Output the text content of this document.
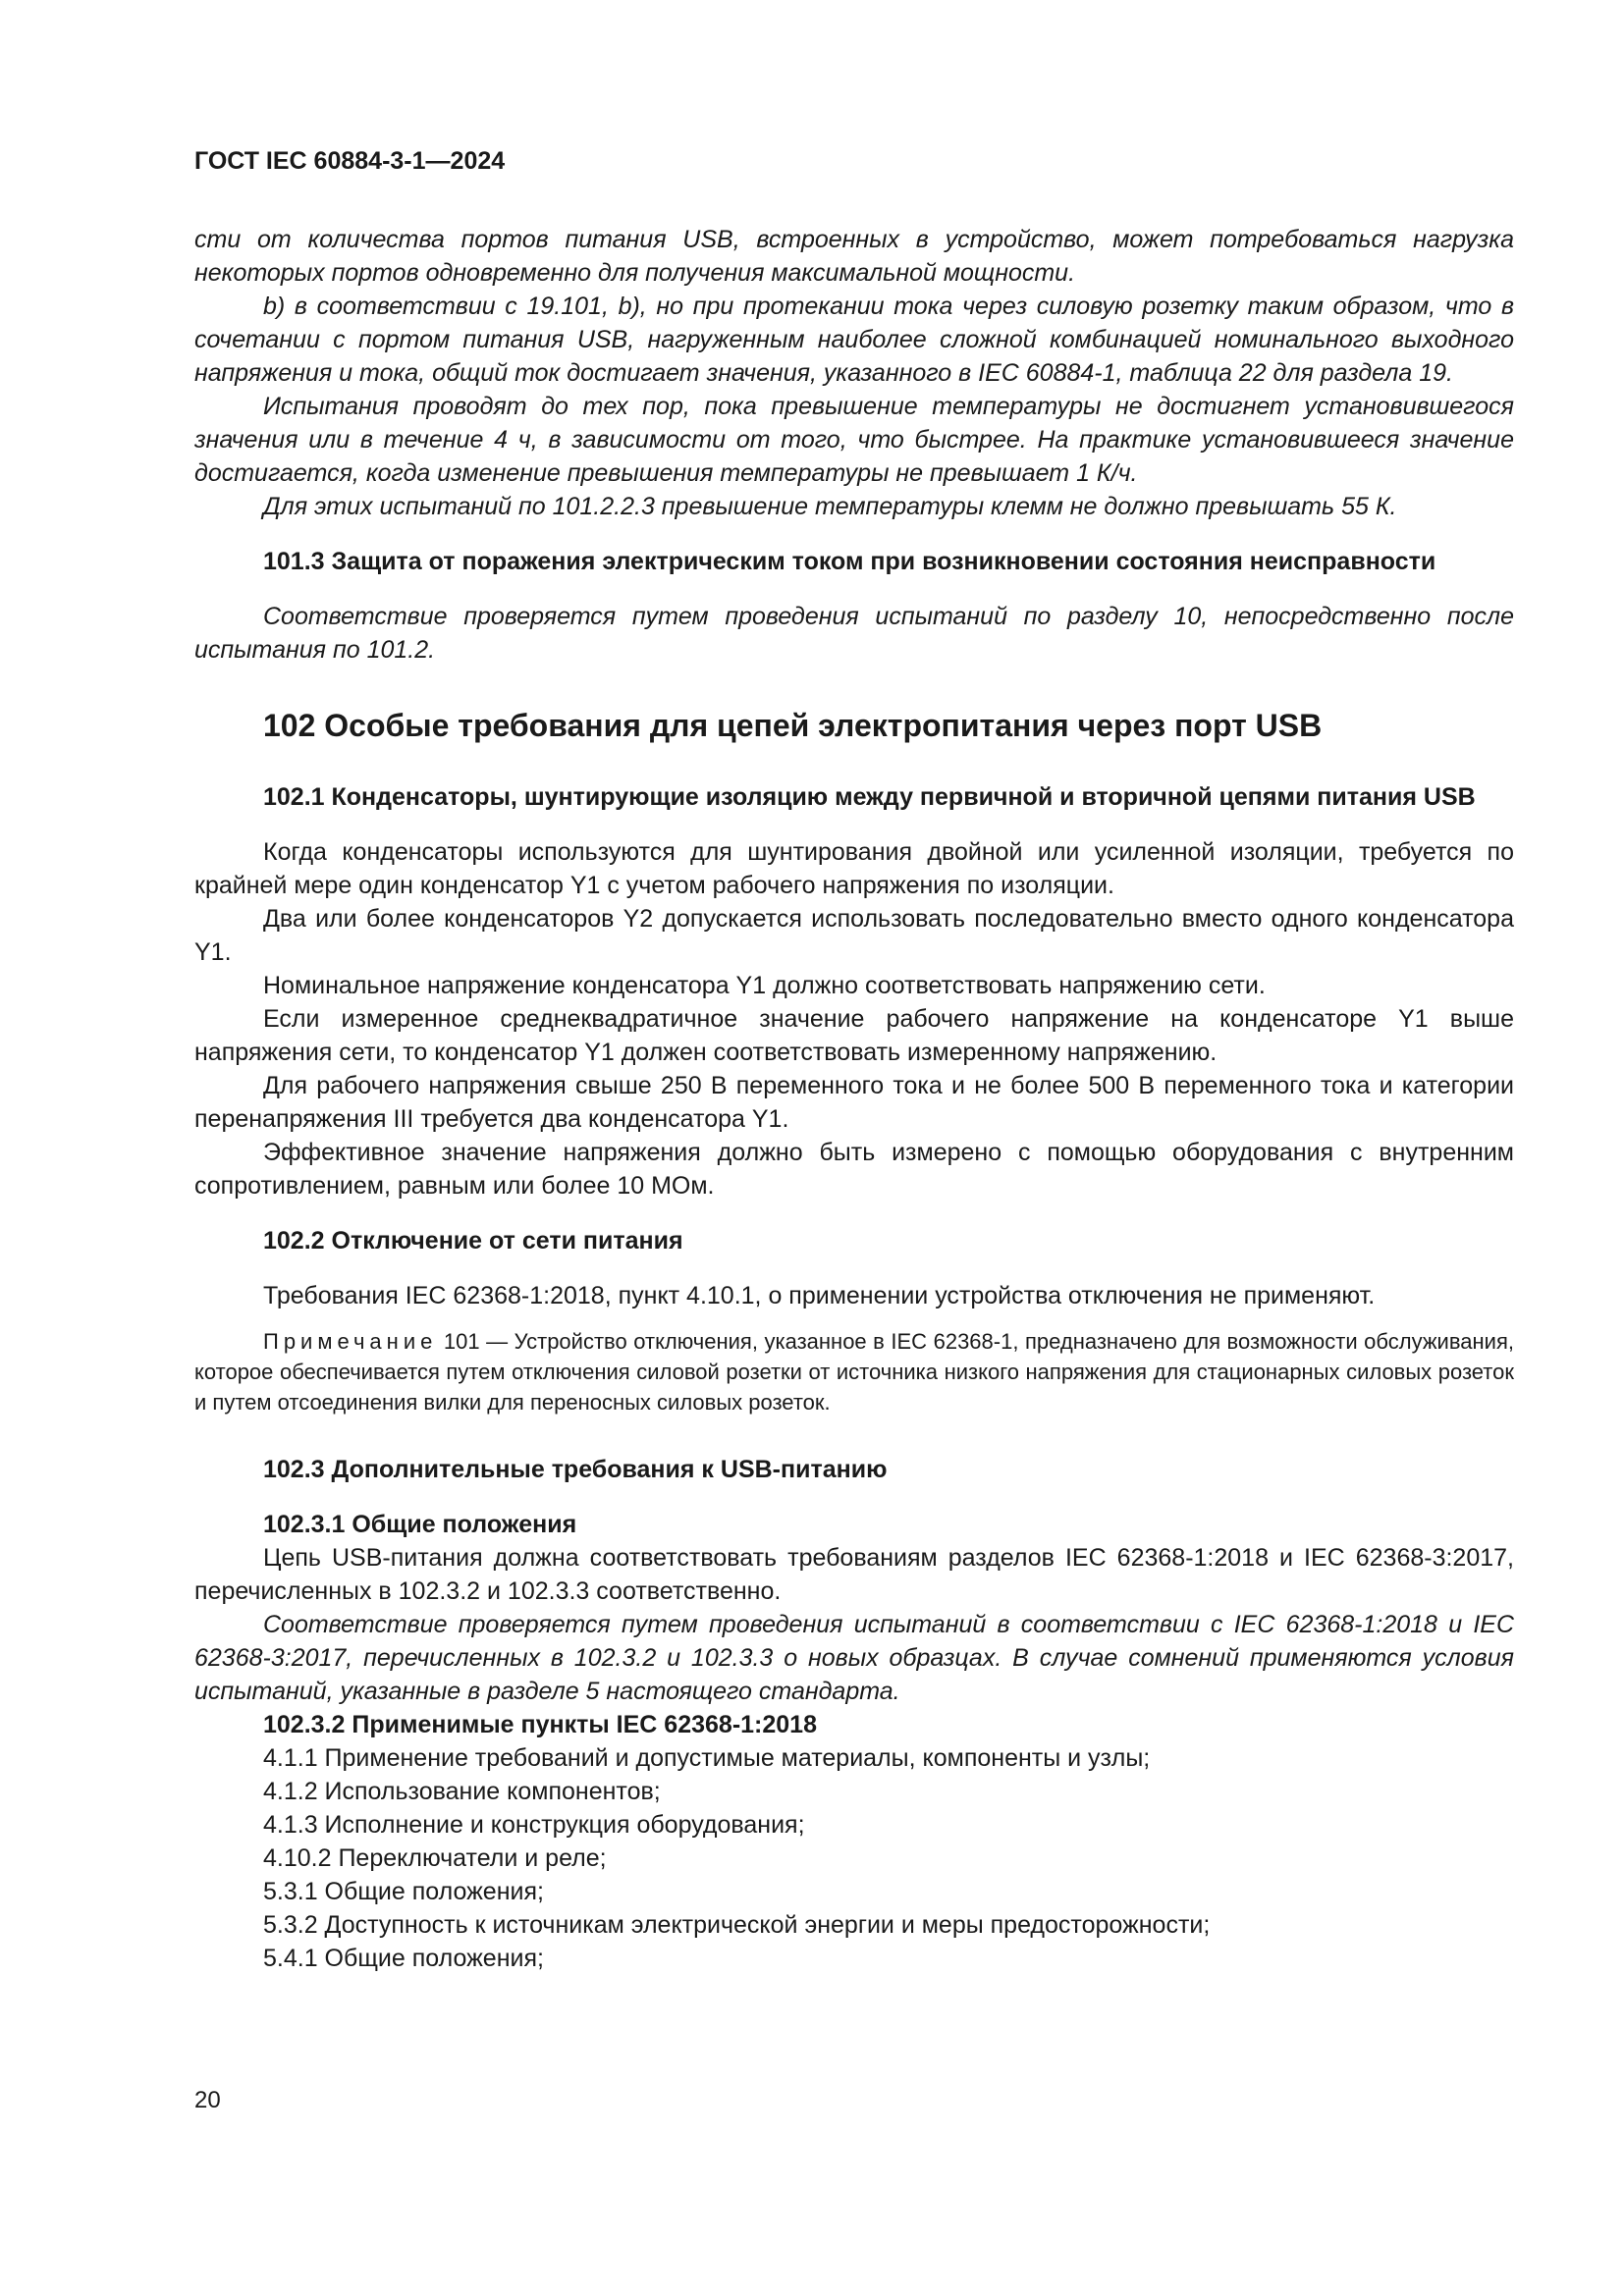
ГОСТ IEC 60884-3-1—2024

сти от количества портов питания USB, встроенных в устройство, может потребоваться нагрузка некоторых портов одновременно для получения максимальной мощности.

b) в соответствии с 19.101, b), но при протекании тока через силовую розетку таким образом, что в сочетании с портом питания USB, нагруженным наиболее сложной комбинацией номинального выходного напряжения и тока, общий ток достигает значения, указанного в IEC 60884-1, таблица 22 для раздела 19.

Испытания проводят до тех пор, пока превышение температуры не достигнет установившегося значения или в течение 4 ч, в зависимости от того, что быстрее. На практике установившееся значение достигается, когда изменение превышения температуры не превышает 1 К/ч.

Для этих испытаний по 101.2.2.3 превышение температуры клемм не должно превышать 55 К.

101.3 Защита от поражения электрическим током при возникновении состояния неисправности

Соответствие проверяется путем проведения испытаний по разделу 10, непосредственно после испытания по 101.2.

102 Особые требования для цепей электропитания через порт USB

102.1 Конденсаторы, шунтирующие изоляцию между первичной и вторичной цепями питания USB

Когда конденсаторы используются для шунтирования двойной или усиленной изоляции, требуется по крайней мере один конденсатор Y1 с учетом рабочего напряжения по изоляции.

Два или более конденсаторов Y2 допускается использовать последовательно вместо одного конденсатора Y1.

Номинальное напряжение конденсатора Y1 должно соответствовать напряжению сети.

Если измеренное среднеквадратичное значение рабочего напряжение на конденсаторе Y1 выше напряжения сети, то конденсатор Y1 должен соответствовать измеренному напряжению.

Для рабочего напряжения свыше 250 В переменного тока и не более 500 В переменного тока и категории перенапряжения III требуется два конденсатора Y1.

Эффективное значение напряжения должно быть измерено с помощью оборудования с внутренним сопротивлением, равным или более 10 МОм.

102.2 Отключение от сети питания

Требования IEC 62368-1:2018, пункт 4.10.1, о применении устройства отключения не применяют.

Примечание 101 — Устройство отключения, указанное в IEC 62368-1, предназначено для возможности обслуживания, которое обеспечивается путем отключения силовой розетки от источника низкого напряжения для стационарных силовых розеток и путем отсоединения вилки для переносных силовых розеток.

102.3 Дополнительные требования к USB-питанию

102.3.1 Общие положения

Цепь USB-питания должна соответствовать требованиям разделов IEC 62368-1:2018 и IEC 62368-3:2017, перечисленных в 102.3.2 и 102.3.3 соответственно.

Соответствие проверяется путем проведения испытаний в соответствии с IEC 62368-1:2018 и IEC 62368-3:2017, перечисленных в 102.3.2 и 102.3.3 о новых образцах. В случае сомнений применяются условия испытаний, указанные в разделе 5 настоящего стандарта.

102.3.2 Применимые пункты IEC 62368-1:2018

4.1.1 Применение требований и допустимые материалы, компоненты и узлы;

4.1.2 Использование компонентов;

4.1.3 Исполнение и конструкция оборудования;

4.10.2 Переключатели и реле;

5.3.1 Общие положения;

5.3.2 Доступность к источникам электрической энергии и меры предосторожности;

5.4.1 Общие положения;

20
